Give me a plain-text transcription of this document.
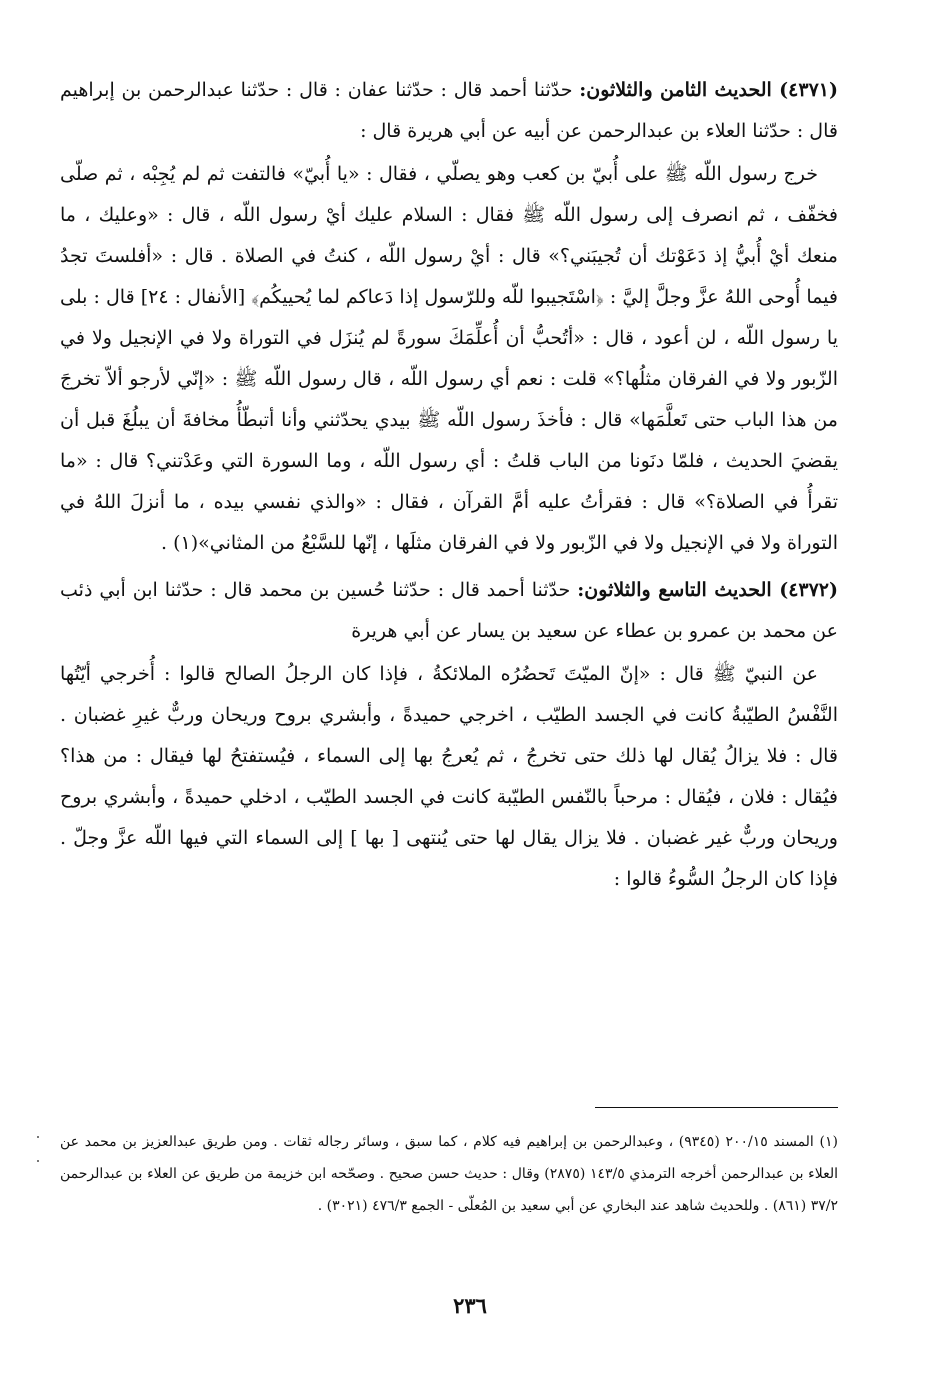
(٤٣٧١) الحديث الثامن والثلاثون: حدّثنا أحمد قال : حدّثنا عفان : قال : حدّثنا عبدالرحمن بن إبراهيم قال : حدّثنا العلاء بن عبدالرحمن عن أبيه عن أبي هريرة قال :

خرج رسول اللّه ﷺ على أُبيّ بن كعب وهو يصلّي ، فقال : «يا أُبيّ» فالتفت ثم لم يُجِبْه ، ثم صلّى فخفّف ، ثم انصرف إلى رسول اللّه ﷺ فقال : السلام عليك أيْ رسول اللّه ، قال : «وعليك ، ما منعك أيْ أُبيُّ إذ دَعَوْتك أن تُجيبَني؟» قال : أيْ رسول اللّه ، كنتُ في الصلاة . قال : «أفلستَ تجدُ فيما أُوحى اللهُ عزَّ وجلَّ إليَّ : ﴿اسْتَجيبوا للّه وللرّسول إذا دَعاكم لما يُحييكُم﴾ [الأنفال : ٢٤] قال : بلى يا رسول اللّه ، لن أعود ، قال : «أتُحبُّ أن أُعلِّمَكَ سورةً لم يُنزَل في التوراة ولا في الإنجيل ولا في الزّبور ولا في الفرقان مثلُها؟» قلت : نعم أي رسول اللّه ، قال رسول اللّه ﷺ : «إنّي لأرجو ألاّ تخرجَ من هذا الباب حتى تَعلَّمَها» قال : فأخذَ رسول اللّه ﷺ بيدي يحدّثني وأنا أتبطّأُ مخافةَ أن يبلُغَ قبل أن يقضيَ الحديث ، فلمّا دنَونا من الباب قلتُ : أي رسول اللّه ، وما السورة التي وعَدْتني؟ قال : «ما تقرأُ في الصلاة؟» قال : فقرأتُ عليه أمَّ القرآن ، فقال : «والذي نفسي بيده ، ما أنزلَ اللهُ في التوراة ولا في الإنجيل ولا في الزّبور ولا في الفرقان مثلَها ، إنّها للسَّبْعُ من المثاني»(١) .

(٤٣٧٢) الحديث التاسع والثلاثون: حدّثنا أحمد قال : حدّثنا حُسين بن محمد قال : حدّثنا ابن أبي ذئب عن محمد بن عمرو بن عطاء عن سعيد بن يسار عن أبي هريرة

عن النبيّ ﷺ قال : «إنّ الميّتَ تَحضُرُه الملائكةُ ، فإذا كان الرجلُ الصالح قالوا : أُخرجي أيّتُها النَّفْسُ الطيّبةُ كانت في الجسد الطيّب ، اخرجي حميدةً ، وأبشري بروح وريحان وربٌّ غيرِ غضبان . قال : فلا يزالُ يُقال لها ذلك حتى تخرجُ ، ثم يُعرجُ بها إلى السماء ، فيُستفتحُ لها فيقال : من هذا؟ فيُقال : فلان ، فيُقال : مرحباً بالنّفس الطيّبة كانت في الجسد الطيّب ، ادخلي حميدةً ، وأبشري بروح وريحان وربٌّ غير غضبان . فلا يزال يقال لها حتى يُنتهى [ بها ] إلى السماء التي فيها اللّه عزَّ وجلّ . فإذا كان الرجلُ السُّوءُ قالوا :

(١) المسند ٢٠٠/١٥ (٩٣٤٥) ، وعبدالرحمن بن إبراهيم فيه كلام ، كما سبق ، وسائر رجاله ثقات . ومن طريق عبدالعزيز بن محمد عن العلاء بن عبدالرحمن أخرجه الترمذي ١٤٣/٥ (٢٨٧٥) وقال : حديث حسن صحيح . وصحّحه ابن خزيمة من طريق عن العلاء بن عبدالرحمن ٣٧/٢ (٨٦١) . وللحديث شاهد عند البخاري عن أبي سعيد بن المُعلّى - الجمع ٤٧٦/٣ (٣٠٢١) .
٢٣٦
